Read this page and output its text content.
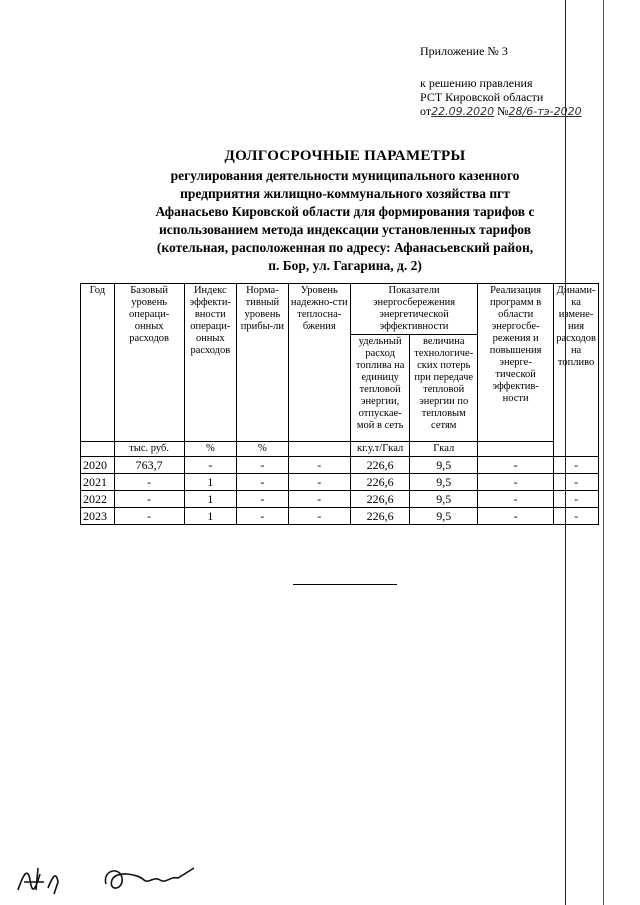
Приложение № 3
к решению правления
РСТ Кировской области
от22.09.2020 №28/6-тэ-2020
ДОЛГОСРОЧНЫЕ ПАРАМЕТРЫ
регулирования деятельности муниципального казенного
предприятия жилищно-коммунального хозяйства пгт
Афанасьево Кировской области для формирования тарифов с
использованием метода индексации установленных тарифов
(котельная, расположенная по адресу: Афанасьевский район,
п. Бор, ул. Гагарина, д. 2)
Год	Базовый уровень операци-онных расходов	Индекс эффекти-вности операци-онных расходов	Норма-тивный уровень прибы-ли	Уровень надежно-сти теплосна-бжения	Показатели энергосбережения энергетической эффективности		Реализация программ в области энергосбе-режения и повышения энерге-тической эффектив-ности	Динами-ка измене-ния расходов на топливо
					удельный расход топлива на единицу тепловой энергии, отпускае-мой в сеть	величина технологиче-ских потерь при передаче тепловой энергии по тепловым сетям		
	тыс. руб.	%	%		кг.у.т/Гкал	Гкал		
2020	763,7	-	-	-	226,6	9,5	-	-
2021	-	1	-	-	226,6	9,5	-	-
2022	-	1	-	-	226,6	9,5	-	-
2023	-	1	-	-	226,6	9,5	-	-
